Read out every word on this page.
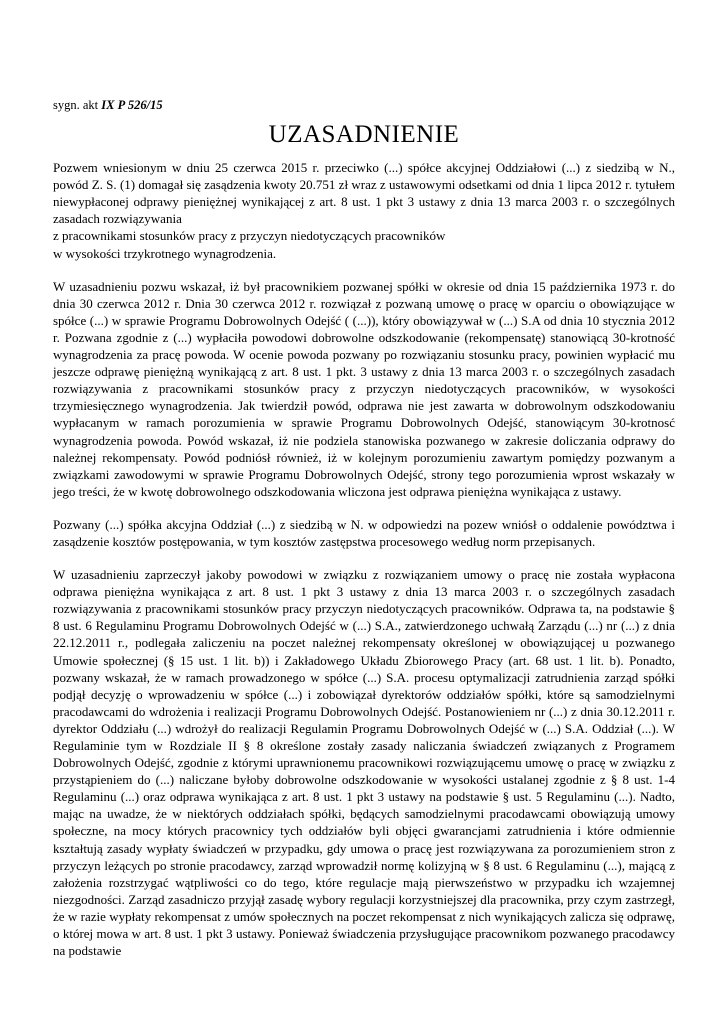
sygn. akt IX P 526/15
UZASADNIENIE
Pozwem wniesionym w dniu 25 czerwca 2015 r. przeciwko (...) spółce akcyjnej Oddziałowi (...) z siedzibą w N., powód Z. S. (1) domagał się zasądzenia kwoty 20.751 zł wraz z ustawowymi odsetkami od dnia 1 lipca 2012 r. tytułem niewypłaconej odprawy pieniężnej wynikającej z art. 8 ust. 1 pkt 3 ustawy z dnia 13 marca 2003 r. o szczególnych zasadach rozwiązywania
z pracownikami stosunków pracy z przyczyn niedotyczących pracowników
w wysokości trzykrotnego wynagrodzenia.
W uzasadnieniu pozwu wskazał, iż był pracownikiem pozwanej spółki w okresie od dnia 15 października 1973 r. do dnia 30 czerwca 2012 r. Dnia 30 czerwca 2012 r. rozwiązał z pozwaną umowę o pracę w oparciu o obowiązujące w spółce (...) w sprawie Programu Dobrowolnych Odejść ( (...)), który obowiązywał w (...) S.A od dnia 10 stycznia 2012 r. Pozwana zgodnie z (...) wypłaciła powodowi dobrowolne odszkodowanie (rekompensatę) stanowiącą 30-krotność wynagrodzenia za pracę powoda. W ocenie powoda pozwany po rozwiązaniu stosunku pracy, powinien wypłacić mu jeszcze odprawę pieniężną wynikającą z art. 8 ust. 1 pkt. 3 ustawy z dnia 13 marca 2003 r. o szczególnych zasadach rozwiązywania z pracownikami stosunków pracy z przyczyn niedotyczących pracowników, w wysokości trzymiesięcznego wynagrodzenia. Jak twierdził powód, odprawa nie jest zawarta w dobrowolnym odszkodowaniu wypłacanym w ramach porozumienia w sprawie Programu Dobrowolnych Odejść, stanowiącym 30-krotnosć wynagrodzenia powoda. Powód wskazał, iż nie podziela stanowiska pozwanego w zakresie doliczania odprawy do należnej rekompensaty. Powód podniósł również, iż w kolejnym porozumieniu zawartym pomiędzy pozwanym a związkami zawodowymi w sprawie Programu Dobrowolnych Odejść, strony tego porozumienia wprost wskazały w jego treści, że w kwotę dobrowolnego odszkodowania wliczona jest odprawa pieniężna wynikająca z ustawy.
Pozwany (...) spółka akcyjna Oddział (...) z siedzibą w N. w odpowiedzi na pozew wniósł o oddalenie powództwa i zasądzenie kosztów postępowania, w tym kosztów zastępstwa procesowego według norm przepisanych.
W uzasadnieniu zaprzeczył jakoby powodowi w związku z rozwiązaniem umowy o pracę nie została wypłacona odprawa pieniężna wynikająca z art. 8 ust. 1 pkt 3 ustawy z dnia 13 marca 2003 r. o szczególnych zasadach rozwiązywania z pracownikami stosunków pracy przyczyn niedotyczących pracowników. Odprawa ta, na podstawie § 8 ust. 6 Regulaminu Programu Dobrowolnych Odejść w (...) S.A., zatwierdzonego uchwałą Zarządu (...) nr (...) z dnia 22.12.2011 r., podlegała zaliczeniu na poczet należnej rekompensaty określonej w obowiązującej u pozwanego Umowie społecznej (§ 15 ust. 1 lit. b)) i Zakładowego Układu Zbiorowego Pracy (art. 68 ust. 1 lit. b). Ponadto, pozwany wskazał, że w ramach prowadzonego w spółce (...) S.A. procesu optymalizacji zatrudnienia zarząd spółki podjął decyzję o wprowadzeniu w spółce (...) i zobowiązał dyrektorów oddziałów spółki, które są samodzielnymi pracodawcami do wdrożenia i realizacji Programu Dobrowolnych Odejść. Postanowieniem nr (...) z dnia 30.12.2011 r. dyrektor Oddziału (...) wdrożył do realizacji Regulamin Programu Dobrowolnych Odejść w (...) S.A. Oddział (...). W Regulaminie tym w Rozdziale II § 8 określone zostały zasady naliczania świadczeń związanych z Programem Dobrowolnych Odejść, zgodnie z którymi uprawnionemu pracownikowi rozwiązującemu umowę o pracę w związku z przystąpieniem do (...) naliczane byłoby dobrowolne odszkodowanie w wysokości ustalanej zgodnie z § 8 ust. 1-4 Regulaminu (...) oraz odprawa wynikająca z art. 8 ust. 1 pkt 3 ustawy na podstawie § ust. 5 Regulaminu (...). Nadto, mając na uwadze, że w niektórych oddziałach spółki, będących samodzielnymi pracodawcami obowiązują umowy społeczne, na mocy których pracownicy tych oddziałów byli objęci gwarancjami zatrudnienia i które odmiennie kształtują zasady wypłaty świadczeń w przypadku, gdy umowa o pracę jest rozwiązywana za porozumieniem stron z przyczyn leżących po stronie pracodawcy, zarząd wprowadził normę kolizyjną w § 8 ust. 6 Regulaminu (...), mającą z założenia rozstrzygać wątpliwości co do tego, które regulacje mają pierwszeństwo w przypadku ich wzajemnej niezgodności. Zarząd zasadniczo przyjął zasadę wybory regulacji korzystniejszej dla pracownika, przy czym zastrzegł, że w razie wypłaty rekompensat z umów społecznych na poczet rekompensat z nich wynikających zalicza się odprawę, o której mowa w art. 8 ust. 1 pkt 3 ustawy. Ponieważ świadczenia przysługujące pracownikom pozwanego pracodawcy na podstawie
